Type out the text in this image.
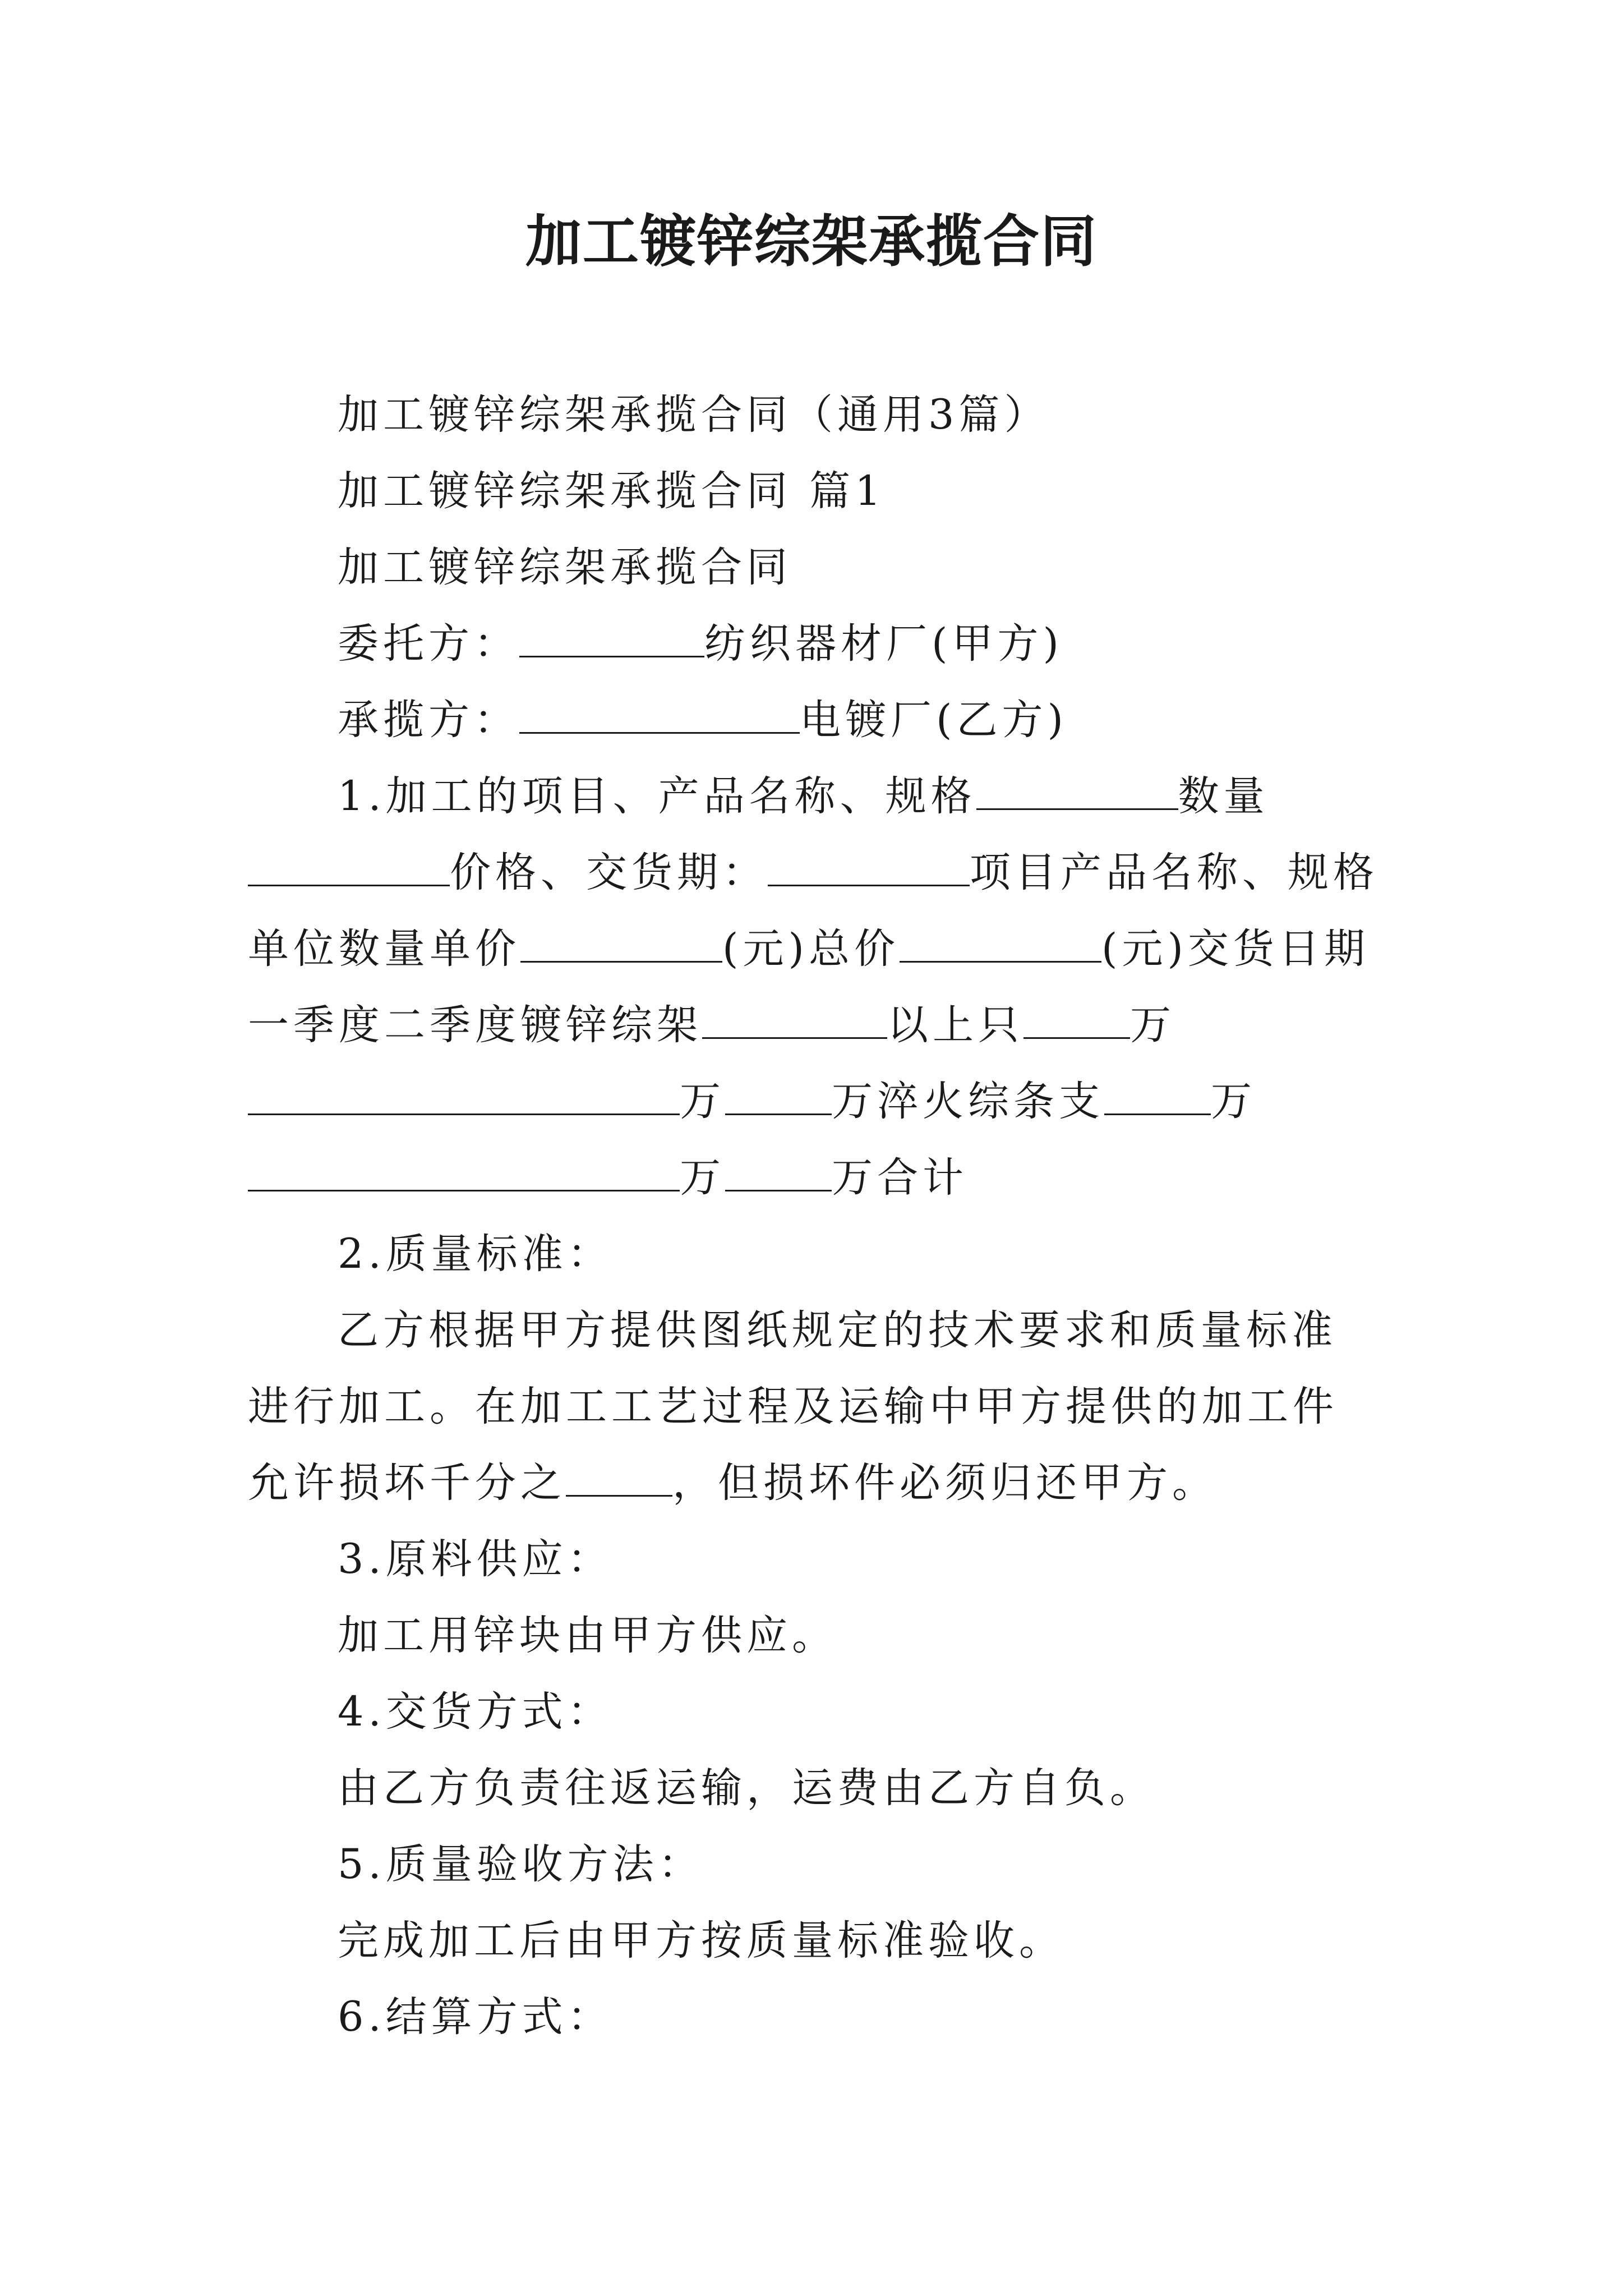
加工镀锌综架承揽合同

加工镀锌综架承揽合同（通用3篇）

加工镀锌综架承揽合同 篇1

加工镀锌综架承揽合同

委托方：	纺织器材厂(甲方)

承揽方：	电镀厂(乙方)

1.加工的项目、产品名称、规格	数量价格、交货期：	项目产品名称、规格单位数量单价	(元)总价	(元)交货日期一季度二季度镀锌综架	以上只	万万	万淬火综条支	万万	万合计

2.质量标准：

乙方根据甲方提供图纸规定的技术要求和质量标准进行加工。在加工工艺过程及运输中甲方提供的加工件允许损坏千分之	，但损坏件必须归还甲方。

3.原料供应：

加工用锌块由甲方供应。

4.交货方式：

由乙方负责往返运输，运费由乙方自负。

5.质量验收方法：

完成加工后由甲方按质量标准验收。

6.结算方式：
